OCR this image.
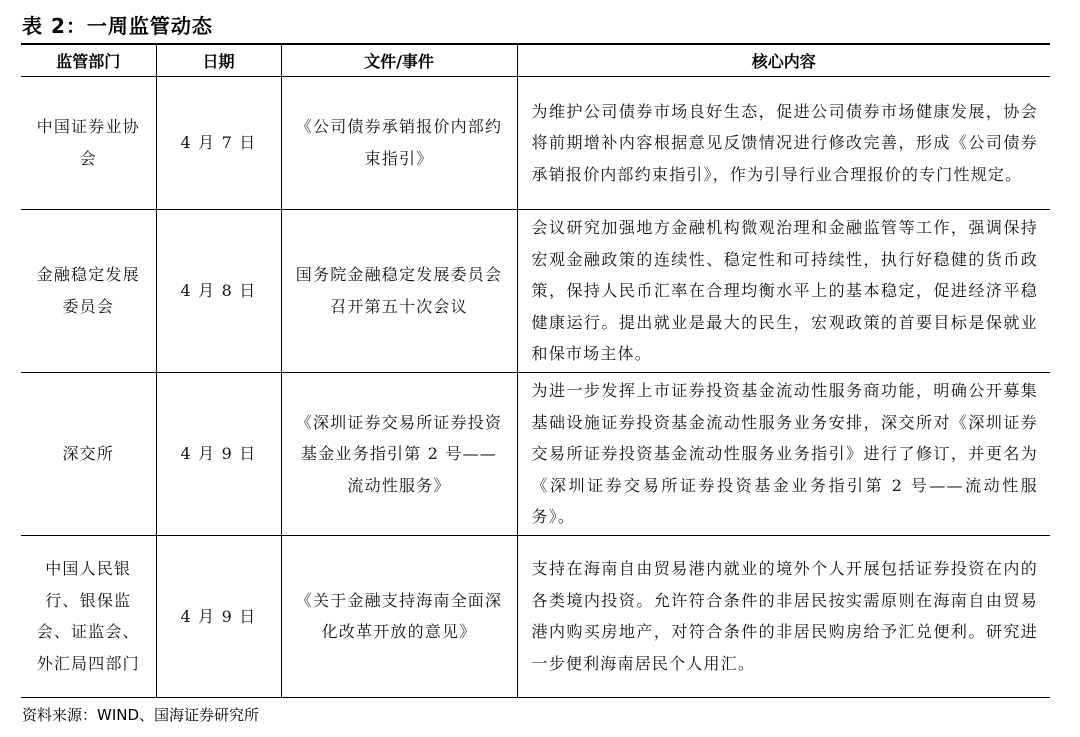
表 2：一周监管动态
监管部门	日期	文件/事件	核心内容
中国证券业协会	4 月 7 日	《公司债券承销报价内部约束指引》	为维护公司债券市场良好生态，促进公司债券市场健康发展，协会将前期增补内容根据意见反馈情况进行修改完善，形成《公司债券承销报价内部约束指引》，作为引导行业合理报价的专门性规定。
金融稳定发展委员会	4 月 8 日	国务院金融稳定发展委员会召开第五十次会议	会议研究加强地方金融机构微观治理和金融监管等工作，强调保持宏观金融政策的连续性、稳定性和可持续性，执行好稳健的货币政策，保持人民币汇率在合理均衡水平上的基本稳定，促进经济平稳健康运行。提出就业是最大的民生，宏观政策的首要目标是保就业和保市场主体。
深交所	4 月 9 日	《深圳证券交易所证券投资基金业务指引第 2 号——流动性服务》	为进一步发挥上市证券投资基金流动性服务商功能，明确公开募集基础设施证券投资基金流动性服务业务安排，深交所对《深圳证券交易所证券投资基金流动性服务业务指引》进行了修订，并更名为《深圳证券交易所证券投资基金业务指引第 2 号——流动性服务》。
中国人民银行、银保监会、证监会、外汇局四部门	4 月 9 日	《关于金融支持海南全面深化改革开放的意见》	支持在海南自由贸易港内就业的境外个人开展包括证券投资在内的各类境内投资。允许符合条件的非居民按实需原则在海南自由贸易港内购买房地产，对符合条件的非居民购房给予汇兑便利。研究进一步便利海南居民个人用汇。
资料来源：WIND、国海证券研究所
